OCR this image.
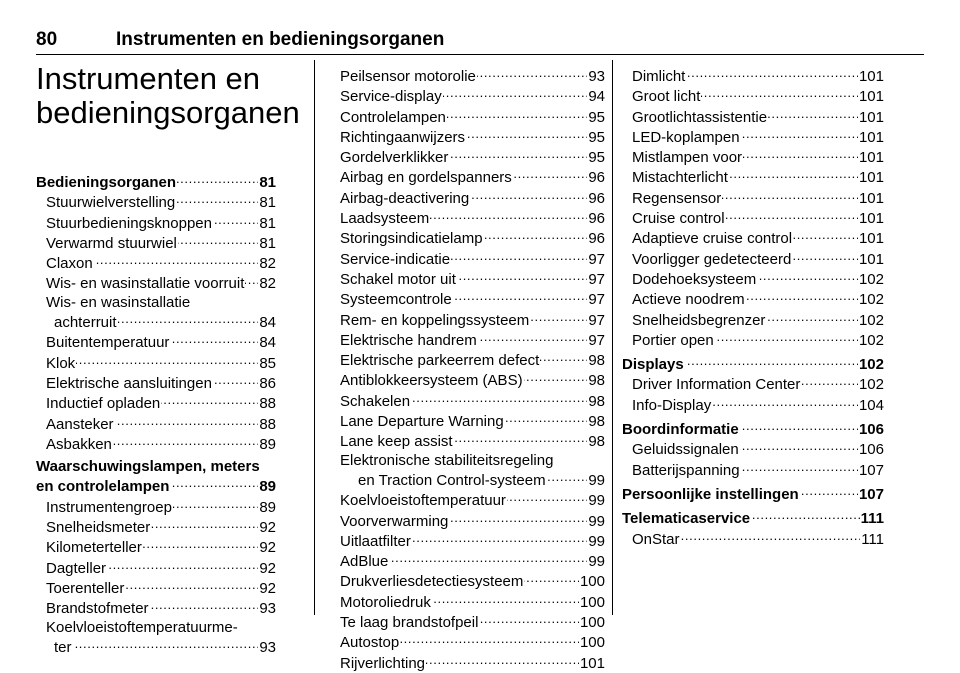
80	Instrumenten en bedieningsorganen
Instrumenten en
bedieningsorganen
Bedieningsorganen . . .	81
Stuurwielverstelling . . .	81
Stuurbedieningsknoppen . . .	81
Verwarmd stuurwiel . . .	81
Claxon . . .	82
Wis- en wasinstallatie voorruit . . . 82
Wis- en wasinstallatie
achterruit . . .	84
Buitentemperatuur . . .	84
Klok . . .	85
Elektrische aansluitingen . . .	86
Inductief opladen . . .	88
Aansteker . . .	88
Asbakken . . .	89
Waarschuwingslampen, meters
en controlelampen . . .	89
Instrumentengroep . . .	89
Snelheidsmeter . . .	92
Kilometerteller . . .	92
Dagteller . . .	92
Toerenteller . . .	92
Brandstofmeter . . .	93
Koelvloeistoftemperatuurme-
ter . . .	93
Peilsensor motorolie . . .	93
Service-display . . .	94
Controlelampen . . .	95
Richtingaanwijzers . . .	95
Gordelverklikker . . .	95
Airbag en gordelspanners . . .	96
Airbag-deactivering . . .	96
Laadsysteem . . .	96
Storingsindicatielamp . . .	96
Service-indicatie . . .	97
Schakel motor uit . . .	97
Systeemcontrole . . .	97
Rem- en koppelingssysteem . . .	97
Elektrische handrem . . .	97
Elektrische parkeerrem defect . . .	98
Antiblokkeersysteem (ABS) . . .	98
Schakelen . . .	98
Lane Departure Warning . . .	98
Lane keep assist . . .	98
Elektronische stabiliteitsregeling
en Traction Control-systeem . . .	99
Koelvloeistoftemperatuur . . .	99
Voorverwarming . . .	99
Uitlaatfilter . . .	99
AdBlue . . .	99
Drukverliesdetectiesysteem . . .	100
Motoroliedruk . . .	100
Te laag brandstofpeil . . .	100
Autostop . . .	100
Rijverlichting . . .	101
Dimlicht . . .	101
Groot licht . . .	101
Grootlichtassistentie . . .	101
LED-koplampen . . .	101
Mistlampen voor . . .	101
Mistachterlicht . . .	101
Regensensor . . .	101
Cruise control . . .	101
Adaptieve cruise control . . .	101
Voorligger gedetecteerd . . .	101
Dodehoeksysteem . . .	102
Actieve noodrem . . .	102
Snelheidsbegrenzer . . .	102
Portier open . . .	102
Displays . . .	102
Driver Information Center . . .	102
Info-Display . . .	104
Boordinformatie . . .	106
Geluidssignalen . . .	106
Batterijspanning . . .	107
Persoonlijke instellingen . . .	107
Telematicaservice . . .	111
OnStar . . .	111
